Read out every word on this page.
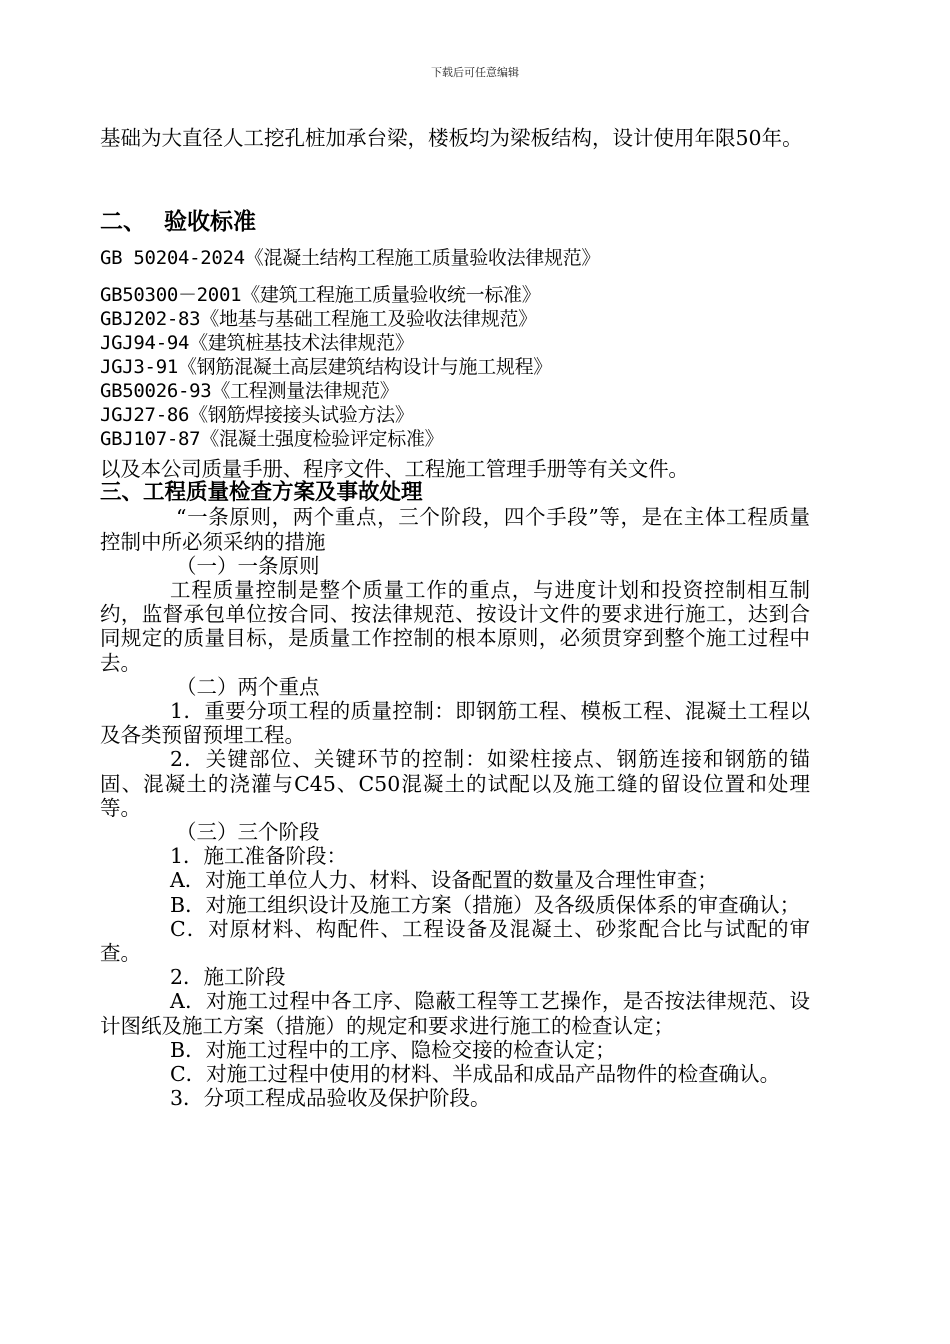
下载后可任意编辑

基础为大直径人工挖孔桩加承台梁，楼板均为梁板结构，设计使用年限50年。

二、 验收标准
GB 50204-2024《混凝土结构工程施工质量验收法律规范》
GB50300－2001《建筑工程施工质量验收统一标准》
GBJ202-83《地基与基础工程施工及验收法律规范》
JGJ94-94《建筑桩基技术法律规范》
JGJ3-91《钢筋混凝土高层建筑结构设计与施工规程》
GB50026-93《工程测量法律规范》
JGJ27-86《钢筋焊接接头试验方法》
GBJ107-87《混凝土强度检验评定标准》

以及本公司质量手册、程序文件、工程施工管理手册等有关文件。

三、工程质量检查方案及事故处理

“一条原则，两个重点，三个阶段，四个手段”等，是在主体工程质量控制中所必须采纳的措施

（一）一条原则

工程质量控制是整个质量工作的重点，与进度计划和投资控制相互制约，监督承包单位按合同、按法律规范、按设计文件的要求进行施工，达到合同规定的质量目标，是质量工作控制的根本原则，必须贯穿到整个施工过程中去。

（二）两个重点

1．重要分项工程的质量控制：即钢筋工程、模板工程、混凝土工程以及各类预留预埋工程。

2．关键部位、关键环节的控制：如梁柱接点、钢筋连接和钢筋的锚固、混凝土的浇灌与C45、C50混凝土的试配以及施工缝的留设位置和处理等。

（三）三个阶段

1．施工准备阶段：

A．对施工单位人力、材料、设备配置的数量及合理性审查；

B．对施工组织设计及施工方案（措施）及各级质保体系的审查确认；

C．对原材料、构配件、工程设备及混凝土、砂浆配合比与试配的审查。

2．施工阶段

A．对施工过程中各工序、隐蔽工程等工艺操作，是否按法律规范、设计图纸及施工方案（措施）的规定和要求进行施工的检查认定；

B．对施工过程中的工序、隐检交接的检查认定；

C．对施工过程中使用的材料、半成品和成品产品物件的检查确认。

3．分项工程成品验收及保护阶段。
